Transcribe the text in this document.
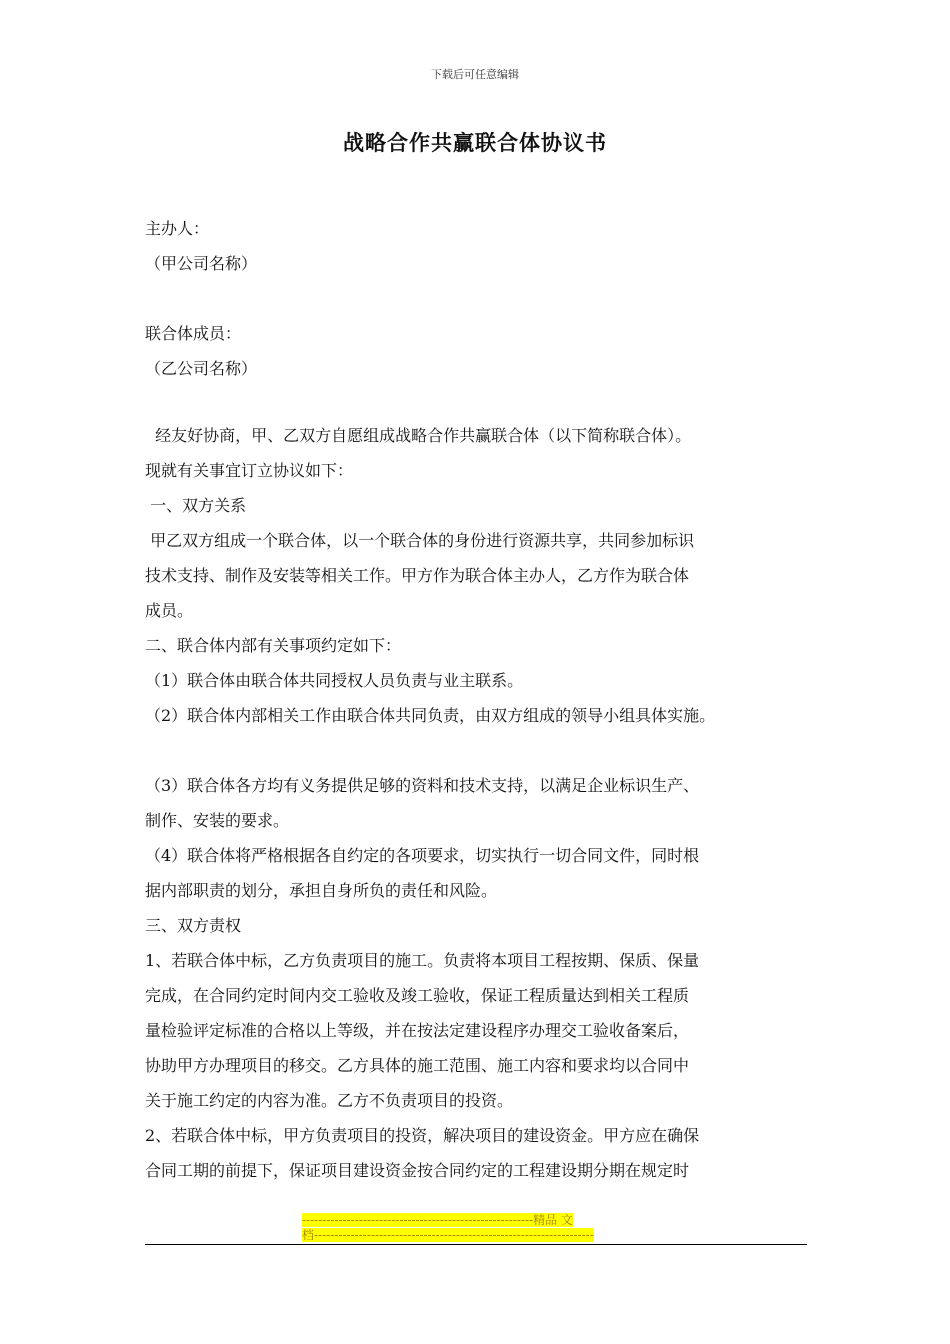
下载后可任意编辑
战略合作共赢联合体协议书
主办人：
（甲公司名称）
联合体成员：
（乙公司名称）
经友好协商，甲、乙双方自愿组成战略合作共赢联合体（以下简称联合体）。
现就有关事宜订立协议如下：
一、双方关系
甲乙双方组成一个联合体，以一个联合体的身份进行资源共享，共同参加标识
技术支持、制作及安装等相关工作。甲方作为联合体主办人，乙方作为联合体
成员。
二、联合体内部有关事项约定如下：
（1）联合体由联合体共同授权人员负责与业主联系。
（2）联合体内部相关工作由联合体共同负责，由双方组成的领导小组具体实施。
（3）联合体各方均有义务提供足够的资料和技术支持，以满足企业标识生产、
制作、安装的要求。
（4）联合体将严格根据各自约定的各项要求，切实执行一切合同文件，同时根
据内部职责的划分，承担自身所负的责任和风险。
三、双方责权
1、若联合体中标，乙方负责项目的施工。负责将本项目工程按期、保质、保量
完成，在合同约定时间内交工验收及竣工验收，保证工程质量达到相关工程质
量检验评定标准的合格以上等级，并在按法定建设程序办理交工验收备案后，
协助甲方办理项目的移交。乙方具体的施工范围、施工内容和要求均以合同中
关于施工约定的内容为准。乙方不负责项目的投资。
2、若联合体中标，甲方负责项目的投资，解决项目的建设资金。甲方应在确保
合同工期的前提下，保证项目建设资金按合同约定的工程建设期分期在规定时
---------------------------------------------------------精品 文
档---------------------------------------------------------------------
